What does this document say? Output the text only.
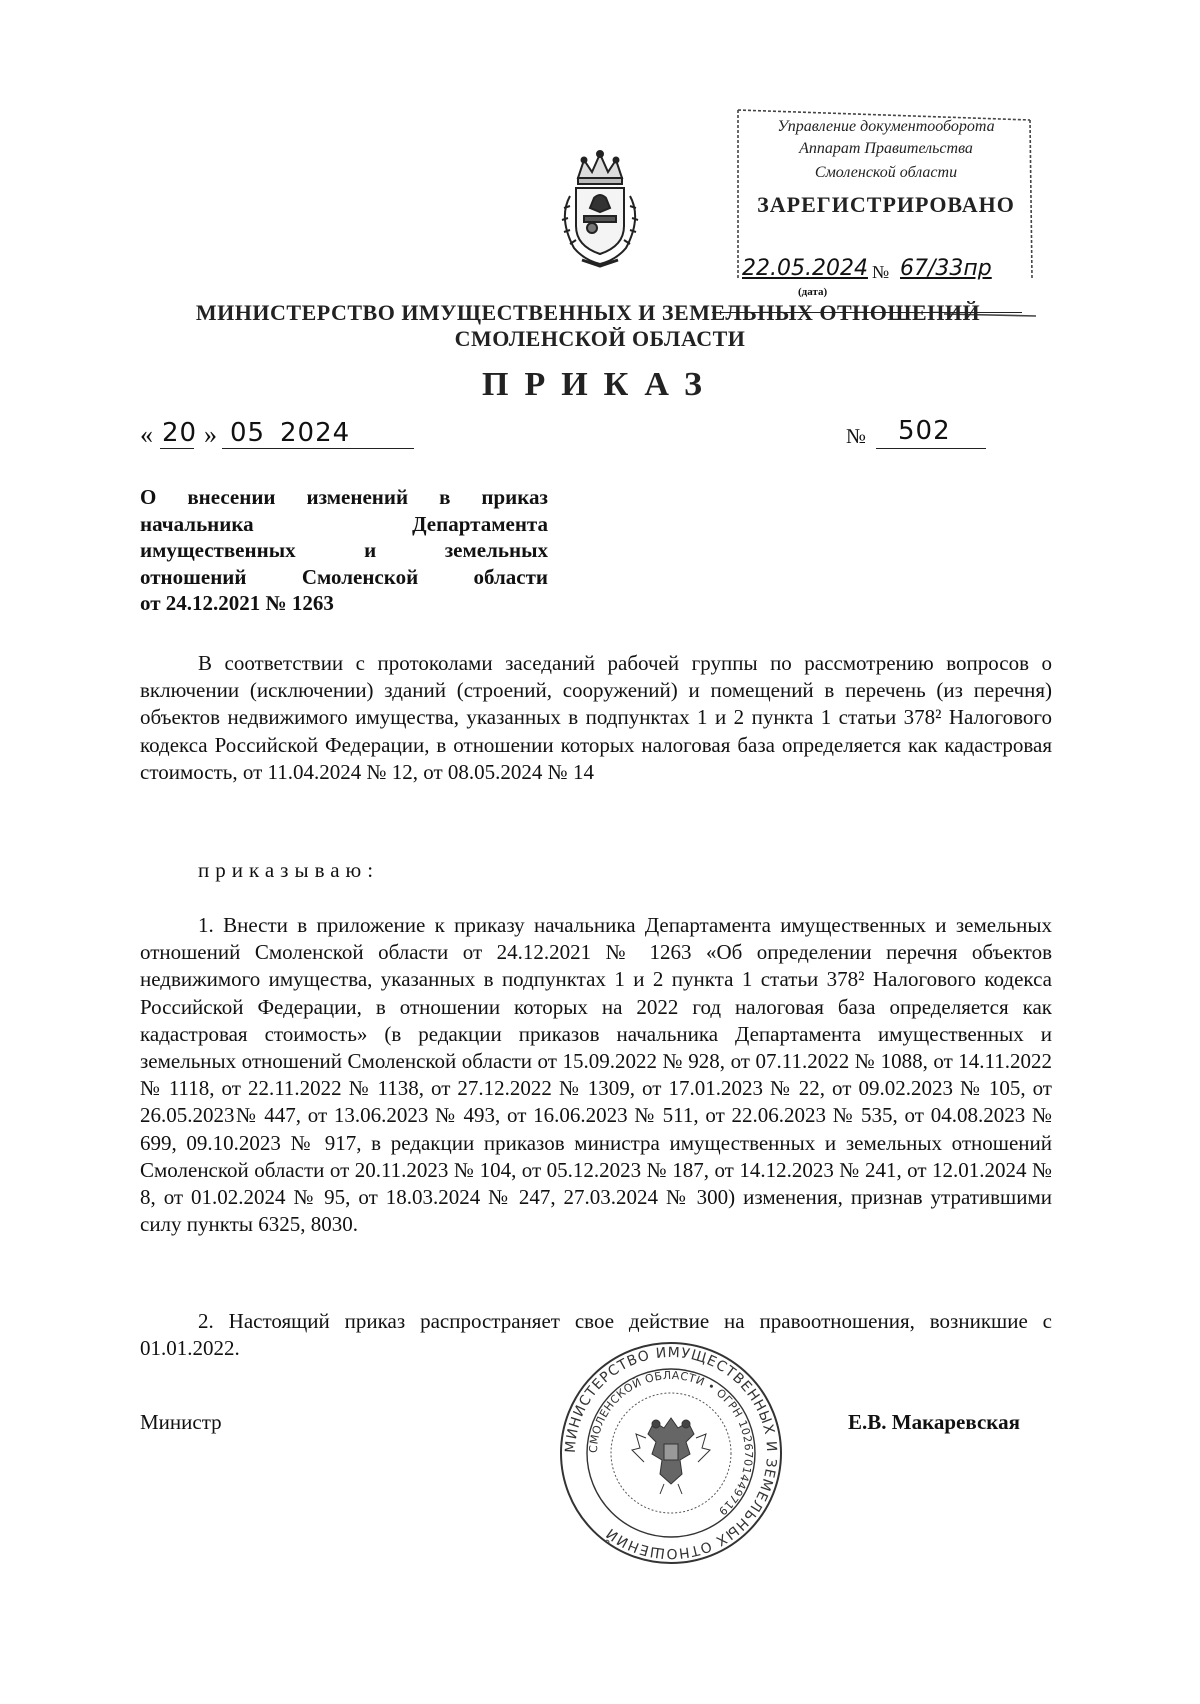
Управление документооборота
Аппарат Правительства
Смоленской области
ЗАРЕГИСТРИРОВАНО
22.05.2024 № 67/33пр
(дата)
МИНИСТЕРСТВО ИМУЩЕСТВЕННЫХ И ЗЕМЕЛЬНЫХ ОТНОШЕНИЙ
СМОЛЕНСКОЙ ОБЛАСТИ
ПРИКАЗ
« 20 » 05 2024	№ 502
О внесении изменений в приказ
начальника Департамента
имущественных и земельных
отношений Смоленской области
от 24.12.2021 № 1263

В соответствии с протоколами заседаний рабочей группы по рассмотрению вопросов о включении (исключении) зданий (строений, сооружений) и помещений в перечень (из перечня) объектов недвижимого имущества, указанных в подпунктах 1 и 2 пункта 1 статьи 378² Налогового кодекса Российской Федерации, в отношении которых налоговая база определяется как кадастровая стоимость, от 11.04.2024 № 12, от 08.05.2024 № 14

приказываю:

1. Внести в приложение к приказу начальника Департамента имущественных и земельных отношений Смоленской области от 24.12.2021 № 1263 «Об определении перечня объектов недвижимого имущества, указанных в подпунктах 1 и 2 пункта 1 статьи 378² Налогового кодекса Российской Федерации, в отношении которых на 2022 год налоговая база определяется как кадастровая стоимость» (в редакции приказов начальника Департамента имущественных и земельных отношений Смоленской области от 15.09.2022 № 928, от 07.11.2022 № 1088, от 14.11.2022 № 1118, от 22.11.2022 № 1138, от 27.12.2022 № 1309, от 17.01.2023 № 22, от 09.02.2023 № 105, от 26.05.2023№ 447, от 13.06.2023 № 493, от 16.06.2023 № 511, от 22.06.2023 № 535, от 04.08.2023 № 699, 09.10.2023 № 917, в редакции приказов министра имущественных и земельных отношений Смоленской области от 20.11.2023 № 104, от 05.12.2023 № 187, от 14.12.2023 № 241, от 12.01.2024 № 8, от 01.02.2024 № 95, от 18.03.2024 № 247, 27.03.2024 № 300) изменения, признав утратившими силу пункты 6325, 8030.

2. Настоящий приказ распространяет свое действие на правоотношения, возникшие с 01.01.2022.

Министр	Е.В. Макаревская
МИНИСТЕРСТВО ИМУЩЕСТВЕННЫХ И ЗЕМЕЛЬНЫХ ОТНОШЕНИЙ
СМОЛЕНСКОЙ ОБЛАСТИ • ОГРН 1026701449719
